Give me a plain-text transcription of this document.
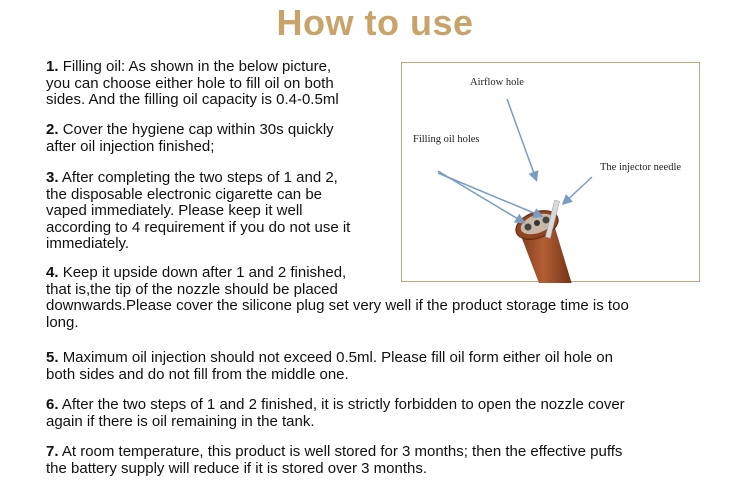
How to use

1. Filling oil: As shown in the below picture,
you can choose either hole to fill oil on both
sides. And the filling oil capacity is 0.4-0.5ml

2. Cover the hygiene cap within 30s quickly
after oil injection finished;

3. After completing the two steps of 1 and 2,
the disposable electronic cigarette can be
vaped immediately. Please keep it well
according to 4 requirement if you do not use it
immediately.

4. Keep it upside down after 1 and 2 finished,
that is,the tip of the nozzle should be placed
downwards.Please cover the silicone plug set very well if the product storage time is too
long.

5. Maximum oil injection should not exceed 0.5ml. Please fill oil form either oil hole on
both sides and do not fill from the middle one.

6. After the two steps of 1 and 2 finished, it is strictly forbidden to open the nozzle cover
again if there is oil remaining in the tank.

7. At room temperature, this product is well stored for 3 months; then the effective puffs
the battery supply will reduce if it is stored over 3 months.

Airflow hole
Filling oil holes
The injector needle
